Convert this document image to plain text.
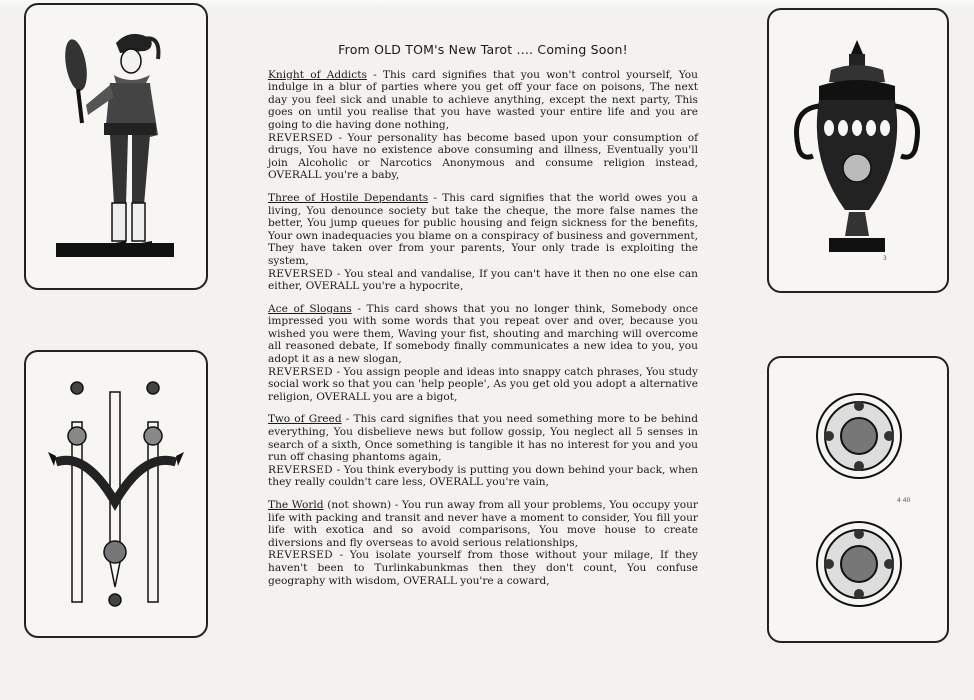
3
4 40
From OLD TOM's New Tarot .... Coming Soon!

Knight of Addicts - This card signifies that you won't control yourself, You indulge in a blur of parties where you get off your face on poisons, The next day you feel sick and unable to achieve anything, except the next party, This goes on until you realise that you have wasted your entire life and you are going to die having done nothing,

REVERSED - Your personality has become based upon your consumption of drugs, You have no existence above consuming and illness, Eventually you'll join Alcoholic or Narcotics Anonymous and consume religion instead, OVERALL you're a baby,

Three of Hostile Dependants - This card signifies that the world owes you a living, You denounce society but take the cheque, the more false names the better, You jump queues for public housing and feign sickness for the benefits, Your own inadequacies you blame on a conspiracy of business and government, They have taken over from your parents, Your only trade is exploiting the system,

REVERSED - You steal and vandalise, If you can't have it then no one else can either, OVERALL you're a hypocrite,

Ace of Slogans - This card shows that you no longer think, Somebody once impressed you with some words that you repeat over and over, because you wished you were them, Waving your fist, shouting and marching will overcome all reasoned debate, If somebody finally communicates a new idea to you, you adopt it as a new slogan,

REVERSED - You assign people and ideas into snappy catch phrases, You study social work so that you can 'help people', As you get old you adopt a alternative religion, OVERALL you are a bigot,

Two of Greed - This card signifies that you need something more to be behind everything, You disbelieve news but follow gossip, You neglect all 5 senses in search of a sixth, Once something is tangible it has no interest for you and you run off chasing phantoms again,

REVERSED - You think everybody is putting you down behind your back, when they really couldn't care less, OVERALL you're vain,

The World (not shown) - You run away from all your problems, You occupy your life with packing and transit and never have a moment to consider, You fill your life with exotica and so avoid comparisons, You move house to create diversions and fly overseas to avoid serious relationships,

REVERSED - You isolate yourself from those without your milage, If they haven't been to Turlinkabunkmas then they don't count, You confuse geography with wisdom, OVERALL you're a coward,
